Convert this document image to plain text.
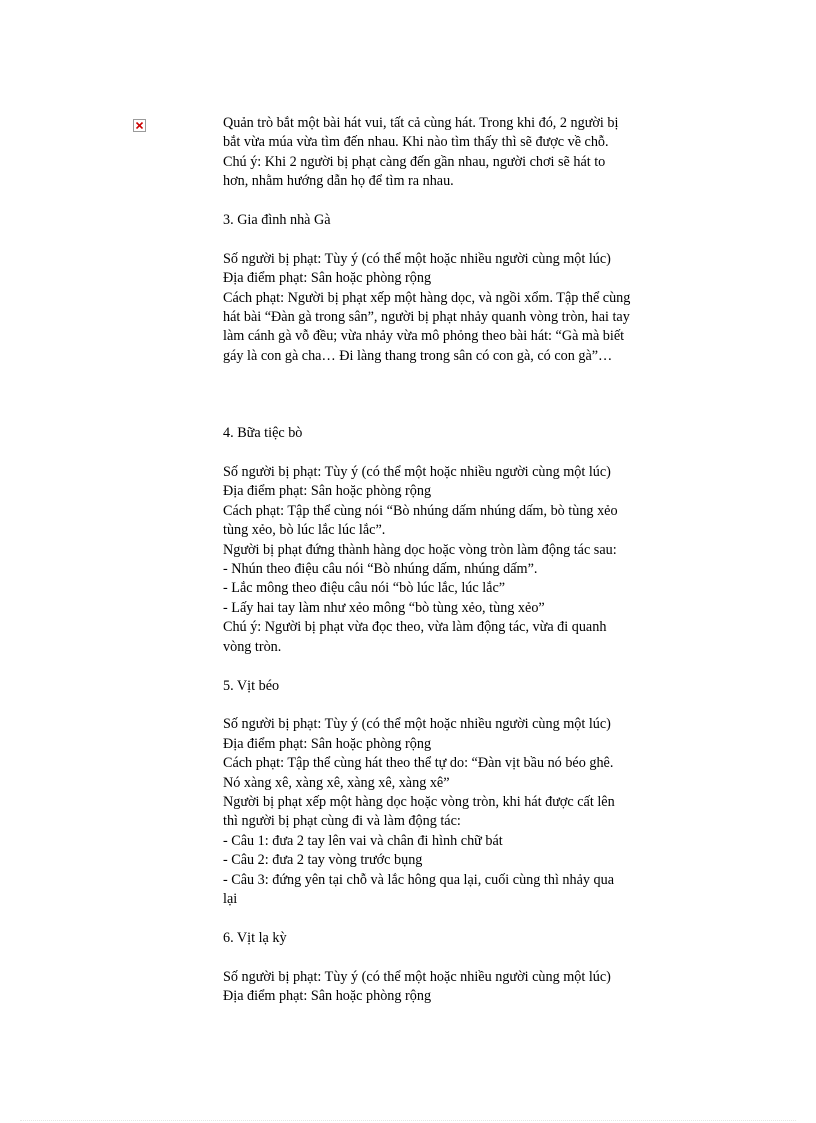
Quản trò bắt một bài hát vui, tất cả cùng hát. Trong khi đó, 2 người bị
bắt vừa múa vừa tìm đến nhau. Khi nào tìm thấy thì sẽ được về chỗ.
Chú ý: Khi 2 người bị phạt càng đến gần nhau, người chơi sẽ hát to
hơn, nhằm hướng dẫn họ để tìm ra nhau.
3. Gia đình nhà Gà
Số người bị phạt: Tùy ý (có thể một hoặc nhiều người cùng một lúc)
Địa điểm phạt: Sân hoặc phòng rộng
Cách phạt: Người bị phạt xếp một hàng dọc, và ngồi xổm. Tập thể cùng
hát bài “Đàn gà trong sân”, người bị phạt nhảy quanh vòng tròn, hai tay
làm cánh gà vỗ đều; vừa nhảy vừa mô phỏng theo bài hát: “Gà mà biết
gáy là con gà cha… Đi làng thang trong sân có con gà, có con gà”…
4. Bữa tiệc bò
Số người bị phạt: Tùy ý (có thể một hoặc nhiều người cùng một lúc)
Địa điểm phạt: Sân hoặc phòng rộng
Cách phạt: Tập thể cùng nói “Bò nhúng dấm nhúng dấm, bò tùng xẻo
tùng xẻo, bò lúc lắc lúc lắc”.
Người bị phạt đứng thành hàng dọc hoặc vòng tròn làm động tác sau:
- Nhún theo điệu câu nói “Bò nhúng dấm, nhúng dấm”.
- Lắc mông theo điệu câu nói “bò lúc lắc, lúc lắc”
- Lấy hai tay làm như xẻo mông “bò tùng xẻo, tùng xẻo”
Chú ý: Người bị phạt vừa đọc theo, vừa làm động tác, vừa đi quanh
vòng tròn.
5. Vịt béo
Số người bị phạt: Tùy ý (có thể một hoặc nhiều người cùng một lúc)
Địa điểm phạt: Sân hoặc phòng rộng
Cách phạt: Tập thể cùng hát theo thể tự do: “Đàn vịt bầu nó béo ghê.
Nó xàng xê, xàng xê, xàng xê, xàng xê”
Người bị phạt xếp một hàng dọc hoặc vòng tròn, khi hát được cất lên
thì người bị phạt cùng đi và làm động tác:
- Câu 1: đưa 2 tay lên vai và chân đi hình chữ bát
- Câu 2: đưa 2 tay vòng trước bụng
- Câu 3: đứng yên tại chỗ và lắc hông qua lại, cuối cùng thì nhảy qua
lại
6. Vịt lạ kỳ
Số người bị phạt: Tùy ý (có thể một hoặc nhiều người cùng một lúc)
Địa điểm phạt: Sân hoặc phòng rộng
